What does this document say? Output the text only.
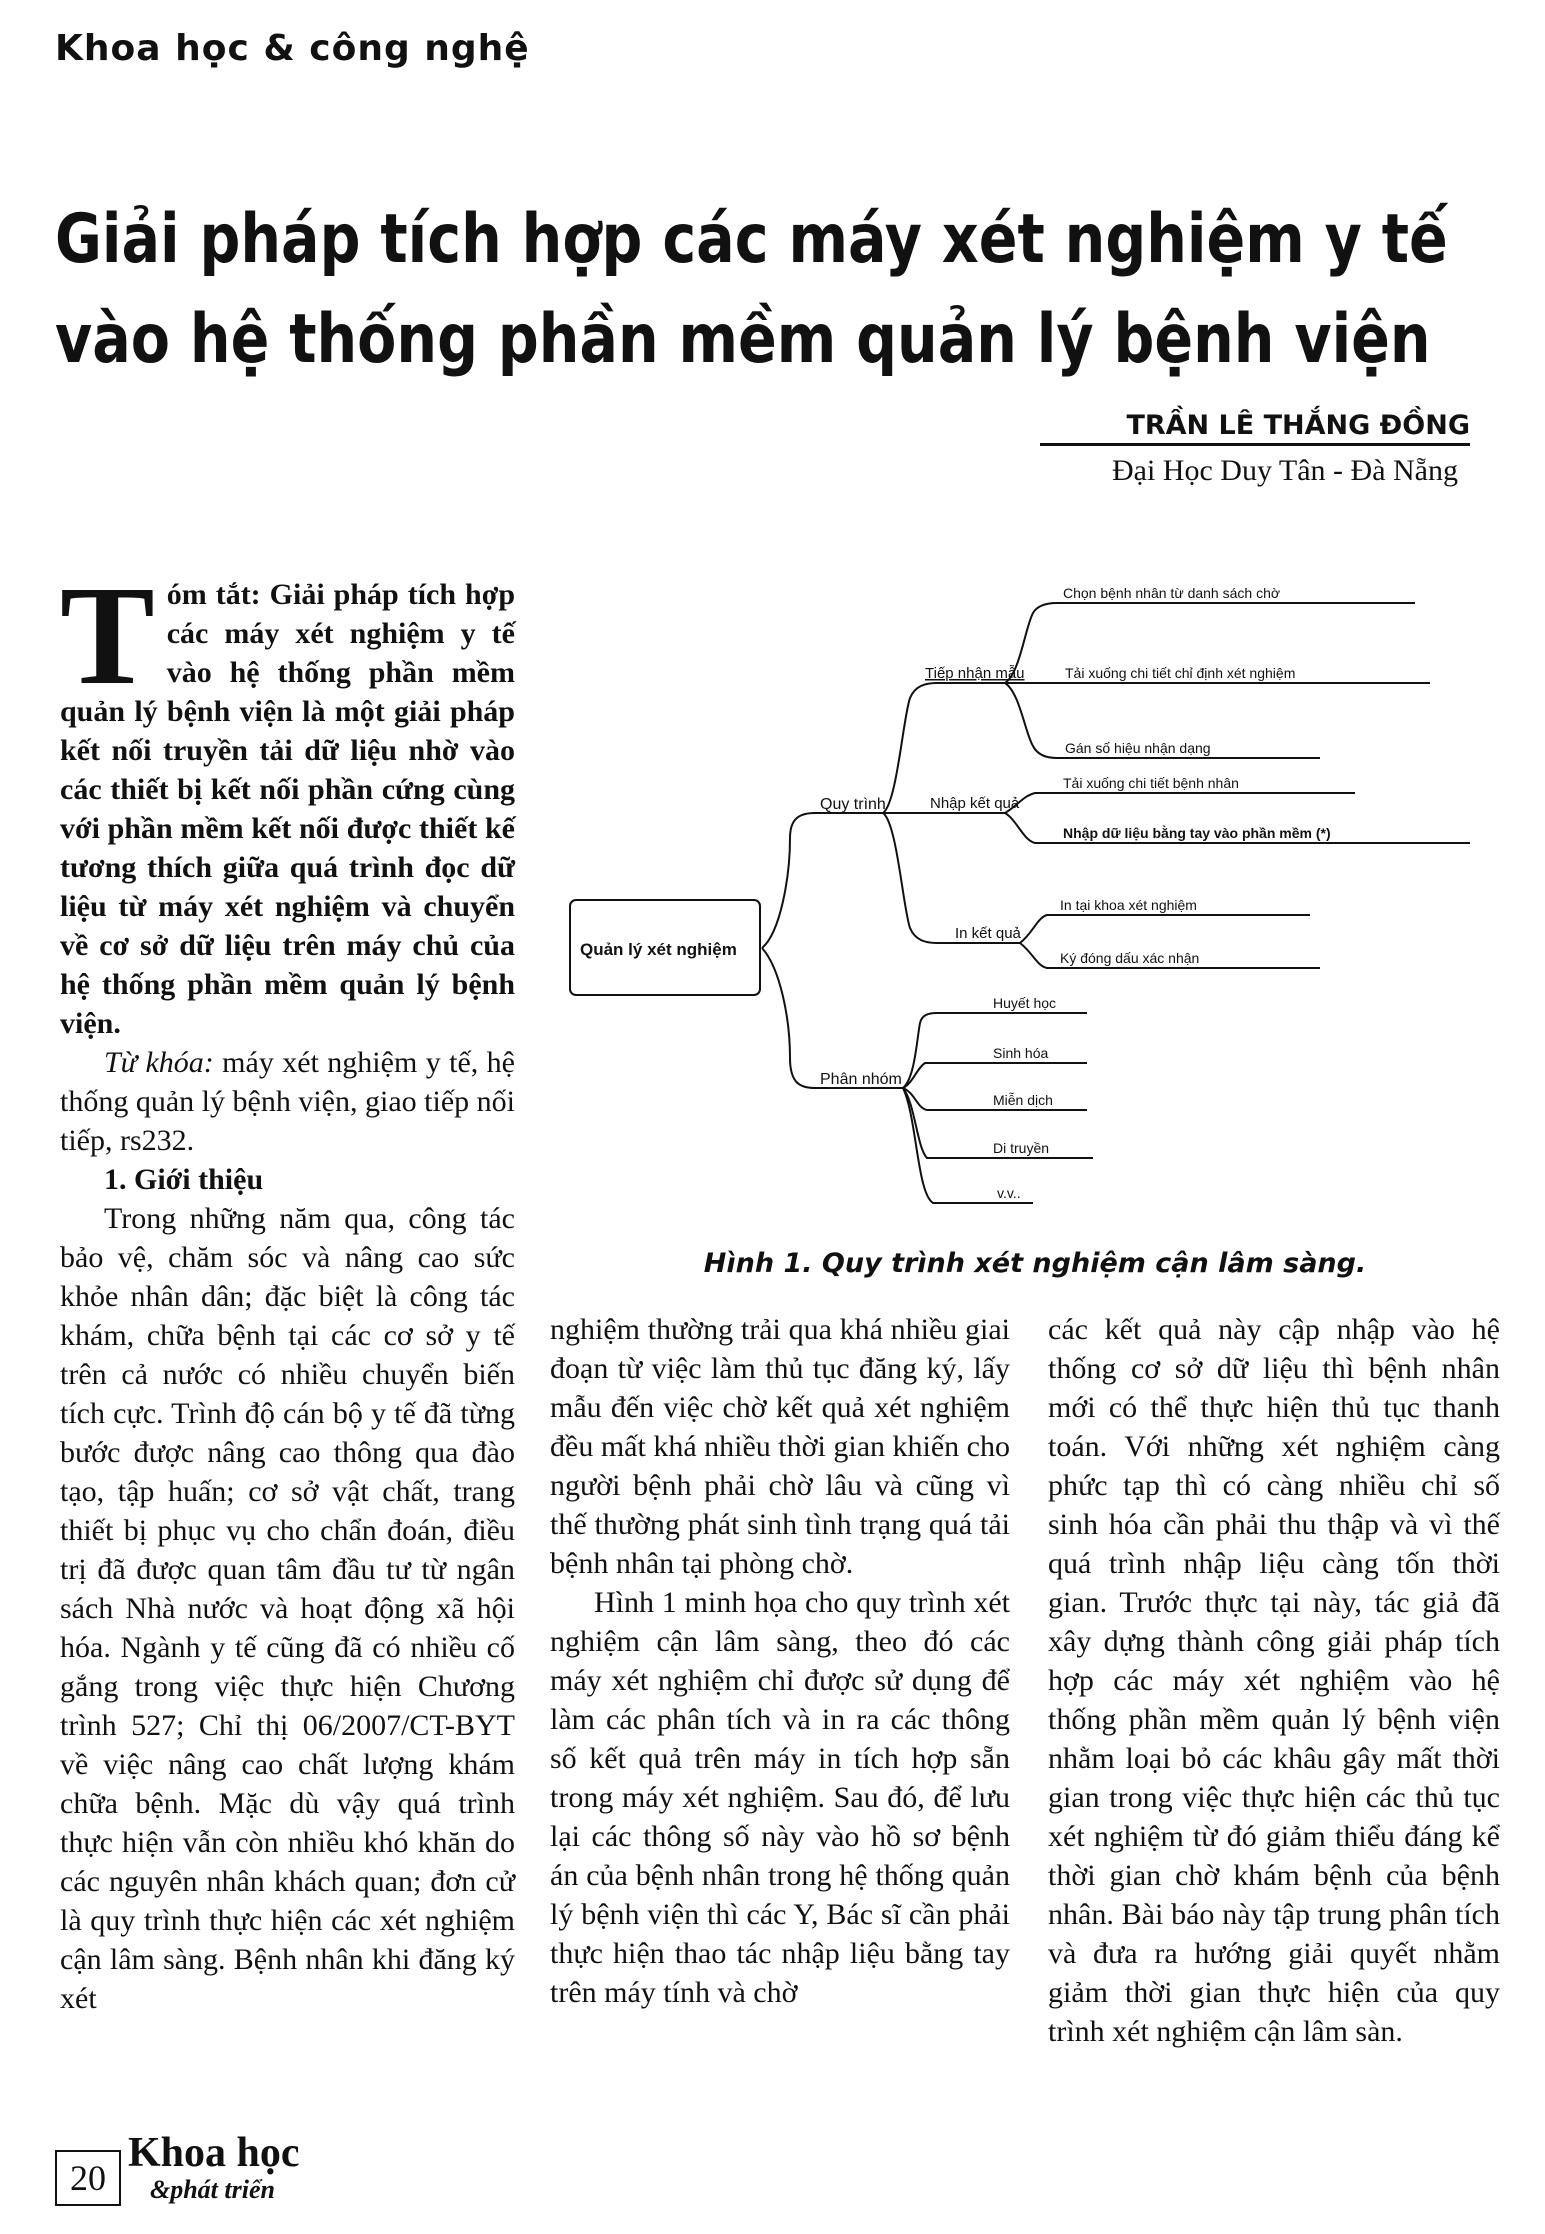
Khoa học & công nghệ
Giải pháp tích hợp các máy xét nghiệm y tế
vào hệ thống phần mềm quản lý bệnh viện
TRẦN LÊ THẮNG ĐỒNG
Đại Học Duy Tân - Đà Nẵng

Tóm tắt: Giải pháp tích hợp các máy xét nghiệm y tế vào hệ thống phần mềm quản lý bệnh viện là một giải pháp kết nối truyền tải dữ liệu nhờ vào các thiết bị kết nối phần cứng cùng với phần mềm kết nối được thiết kế tương thích giữa quá trình đọc dữ liệu từ máy xét nghiệm và chuyển về cơ sở dữ liệu trên máy chủ của hệ thống phần mềm quản lý bệnh viện.

Từ khóa: máy xét nghiệm y tế, hệ thống quản lý bệnh viện, giao tiếp nối tiếp, rs232.

1. Giới thiệu

Trong những năm qua, công tác bảo vệ, chăm sóc và nâng cao sức khỏe nhân dân; đặc biệt là công tác khám, chữa bệnh tại các cơ sở y tế trên cả nước có nhiều chuyển biến tích cực. Trình độ cán bộ y tế đã từng bước được nâng cao thông qua đào tạo, tập huấn; cơ sở vật chất, trang thiết bị phục vụ cho chẩn đoán, điều trị đã được quan tâm đầu tư từ ngân sách Nhà nước và hoạt động xã hội hóa. Ngành y tế cũng đã có nhiều cố gắng trong việc thực hiện Chương trình 527; Chỉ thị 06/2007/CT-BYT về việc nâng cao chất lượng khám chữa bệnh. Mặc dù vậy quá trình thực hiện vẫn còn nhiều khó khăn do các nguyên nhân khách quan; đơn cử là quy trình thực hiện các xét nghiệm cận lâm sàng. Bệnh nhân khi đăng ký xét

Quản lý xét nghiệm
Quy trình
Phân nhóm
Tiếp nhận mẫu
Nhập kết quả
In kết quả
Chọn bệnh nhân từ danh sách chờ
Tải xuống chi tiết chỉ định xét nghiệm
Gán số hiệu nhận dạng
Tải xuống chi tiết bệnh nhân
Nhập dữ liệu bằng tay vào phần mềm (*)
In tại khoa xét nghiệm
Ký đóng dấu xác nhận
Huyết học
Sinh hóa
Miễn dịch
Di truyền
v.v..
Hình 1. Quy trình xét nghiệm cận lâm sàng.

nghiệm thường trải qua khá nhiều giai đoạn từ việc làm thủ tục đăng ký, lấy mẫu đến việc chờ kết quả xét nghiệm đều mất khá nhiều thời gian khiến cho người bệnh phải chờ lâu và cũng vì thế thường phát sinh tình trạng quá tải bệnh nhân tại phòng chờ.

Hình 1 minh họa cho quy trình xét nghiệm cận lâm sàng, theo đó các máy xét nghiệm chỉ được sử dụng để làm các phân tích và in ra các thông số kết quả trên máy in tích hợp sẵn trong máy xét nghiệm. Sau đó, để lưu lại các thông số này vào hồ sơ bệnh án của bệnh nhân trong hệ thống quản lý bệnh viện thì các Y, Bác sĩ cần phải thực hiện thao tác nhập liệu bằng tay trên máy tính và chờ

các kết quả này cập nhập vào hệ thống cơ sở dữ liệu thì bệnh nhân mới có thể thực hiện thủ tục thanh toán. Với những xét nghiệm càng phức tạp thì có càng nhiều chỉ số sinh hóa cần phải thu thập và vì thế quá trình nhập liệu càng tốn thời gian. Trước thực tại này, tác giả đã xây dựng thành công giải pháp tích hợp các máy xét nghiệm vào hệ thống phần mềm quản lý bệnh viện nhằm loại bỏ các khâu gây mất thời gian trong việc thực hiện các thủ tục xét nghiệm từ đó giảm thiểu đáng kể thời gian chờ khám bệnh của bệnh nhân. Bài báo này tập trung phân tích và đưa ra hướng giải quyết nhằm giảm thời gian thực hiện của quy trình xét nghiệm cận lâm sàn.

20
Khoa học
&phát triển
